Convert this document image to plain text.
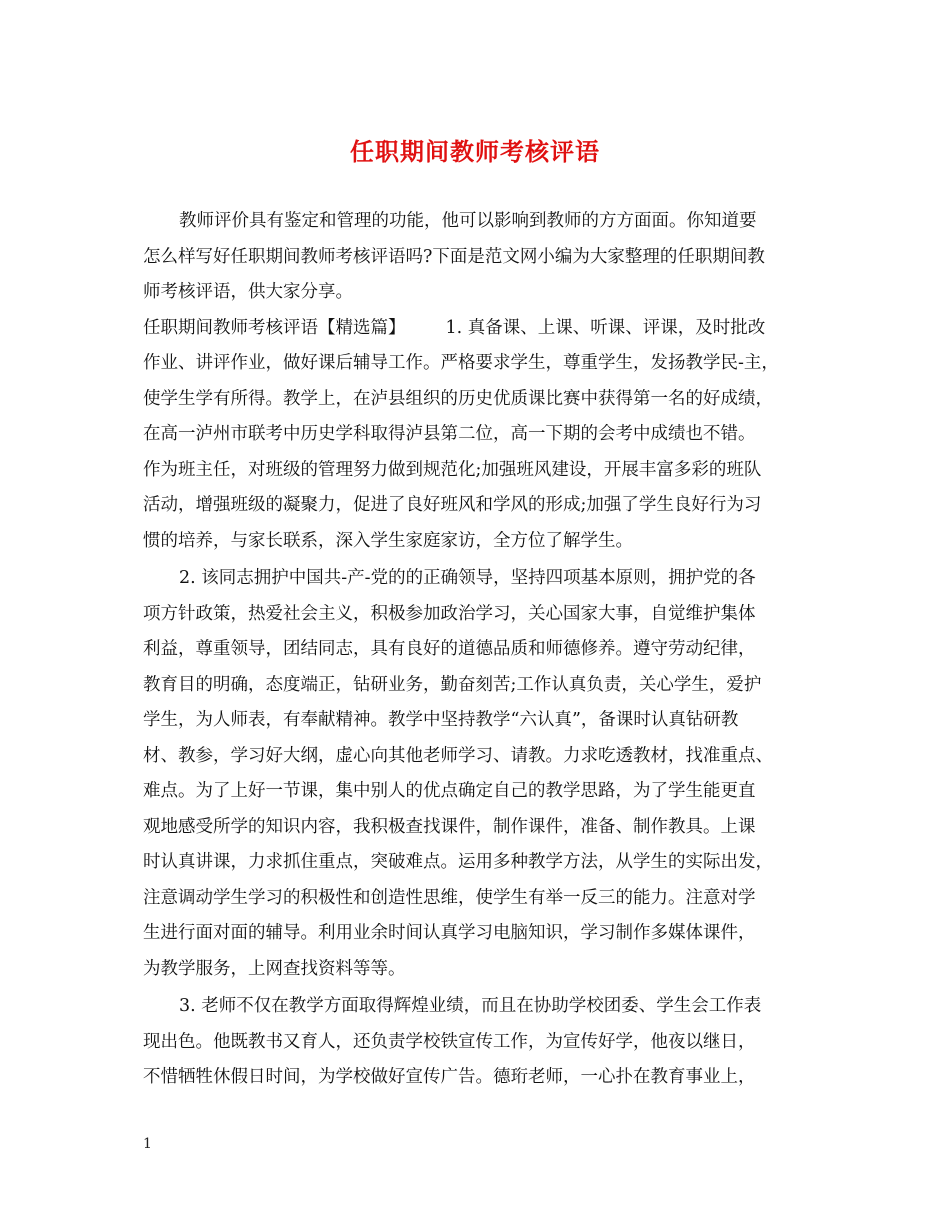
任职期间教师考核评语
教师评价具有鉴定和管理的功能，他可以影响到教师的方方面面。你知道要
怎么样写好任职期间教师考核评语吗?下面是范文网小编为大家整理的任职期间教
师考核评语，供大家分享。
任职期间教师考核评语【精选篇】 1. 真备课、上课、听课、评课，及时批改
作业、讲评作业，做好课后辅导工作。严格要求学生，尊重学生，发扬教学民-主，
使学生学有所得。教学上，在泸县组织的历史优质课比赛中获得第一名的好成绩，
在高一泸州市联考中历史学科取得泸县第二位，高一下期的会考中成绩也不错。
作为班主任，对班级的管理努力做到规范化;加强班风建设，开展丰富多彩的班队
活动，增强班级的凝聚力，促进了良好班风和学风的形成;加强了学生良好行为习
惯的培养，与家长联系，深入学生家庭家访，全方位了解学生。
2. 该同志拥护中国共-产-党的的正确领导，坚持四项基本原则，拥护党的各
项方针政策，热爱社会主义，积极参加政治学习，关心国家大事，自觉维护集体
利益，尊重领导，团结同志，具有良好的道德品质和师德修养。遵守劳动纪律，
教育目的明确，态度端正，钻研业务，勤奋刻苦;工作认真负责，关心学生，爱护
学生，为人师表，有奉献精神。教学中坚持教学“六认真”，备课时认真钻研教
材、教参，学习好大纲，虚心向其他老师学习、请教。力求吃透教材，找准重点、
难点。为了上好一节课，集中别人的优点确定自己的教学思路，为了学生能更直
观地感受所学的知识内容，我积极查找课件，制作课件，准备、制作教具。上课
时认真讲课，力求抓住重点，突破难点。运用多种教学方法，从学生的实际出发，
注意调动学生学习的积极性和创造性思维，使学生有举一反三的能力。注意对学
生进行面对面的辅导。利用业余时间认真学习电脑知识，学习制作多媒体课件，
为教学服务，上网查找资料等等。
3. 老师不仅在教学方面取得辉煌业绩，而且在协助学校团委、学生会工作表
现出色。他既教书又育人，还负责学校铁宣传工作，为宣传好学，他夜以继日，
不惜牺牲休假日时间，为学校做好宣传广告。德珩老师，一心扑在教育事业上，
1
